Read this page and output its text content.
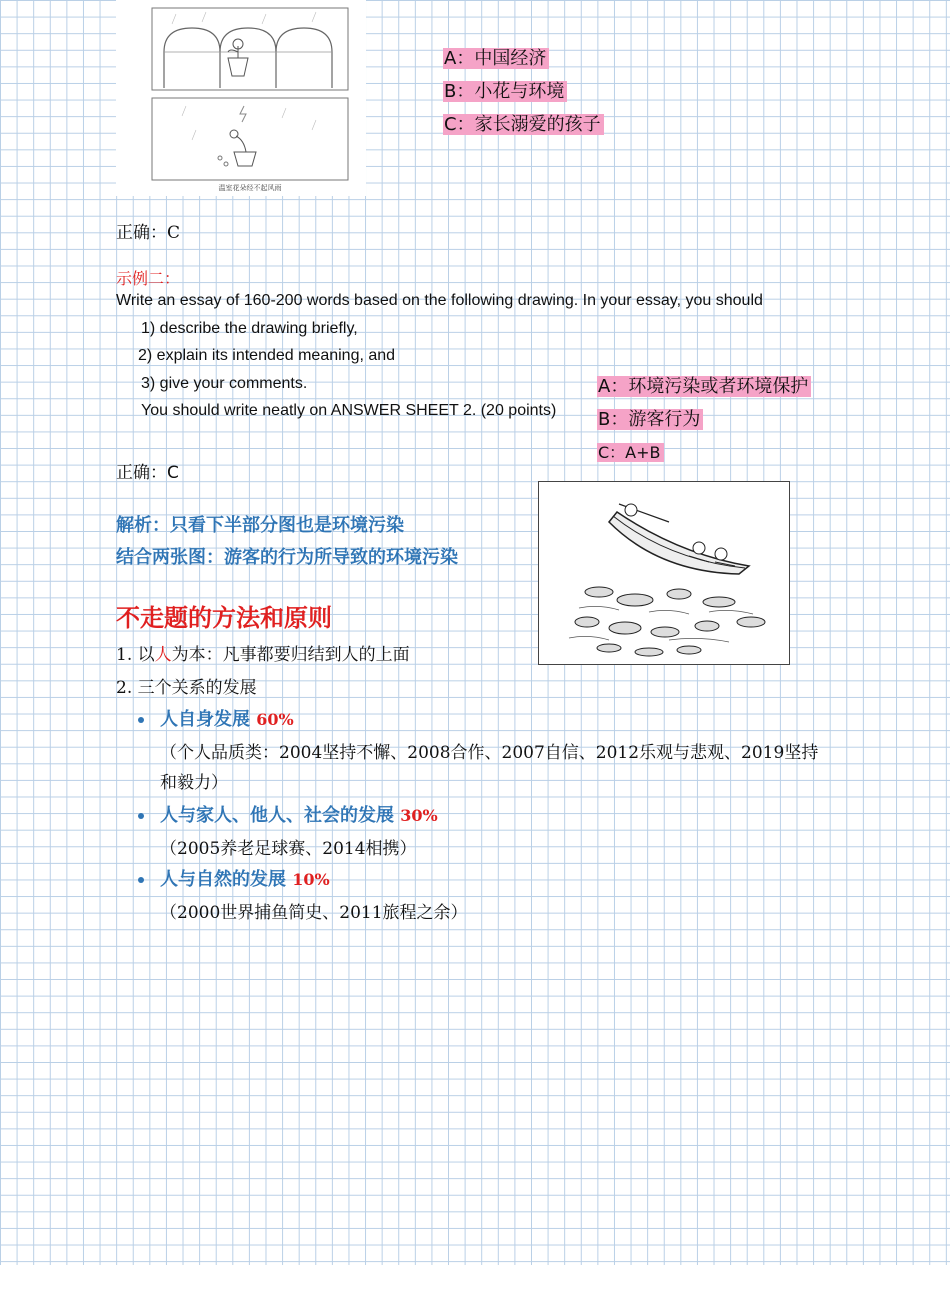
温室花朵经不起风雨
A：中国经济
B：小花与环境
C：家长溺爱的孩子
正确：C
示例二：
Write an essay of 160-200 words based on the following drawing. In your essay, you should
1) describe the drawing briefly,
2) explain its intended meaning, and
3) give your comments.
You should write neatly on ANSWER SHEET 2. (20 points)
A：环境污染或者环境保护
B：游客行为
C：A+B
正确：C
解析：只看下半部分图也是环境污染
结合两张图：游客的行为所导致的环境污染
不走题的方法和原则
1. 以人为本：凡事都要归结到人的上面
2. 三个关系的发展
人自身发展 60%
（个人品质类：2004坚持不懈、2008合作、2007自信、2012乐观与悲观、2019坚持
和毅力）
人与家人、他人、社会的发展 30%
（2005养老足球赛、2014相携）
人与自然的发展 10%
（2000世界捕鱼简史、2011旅程之余）
